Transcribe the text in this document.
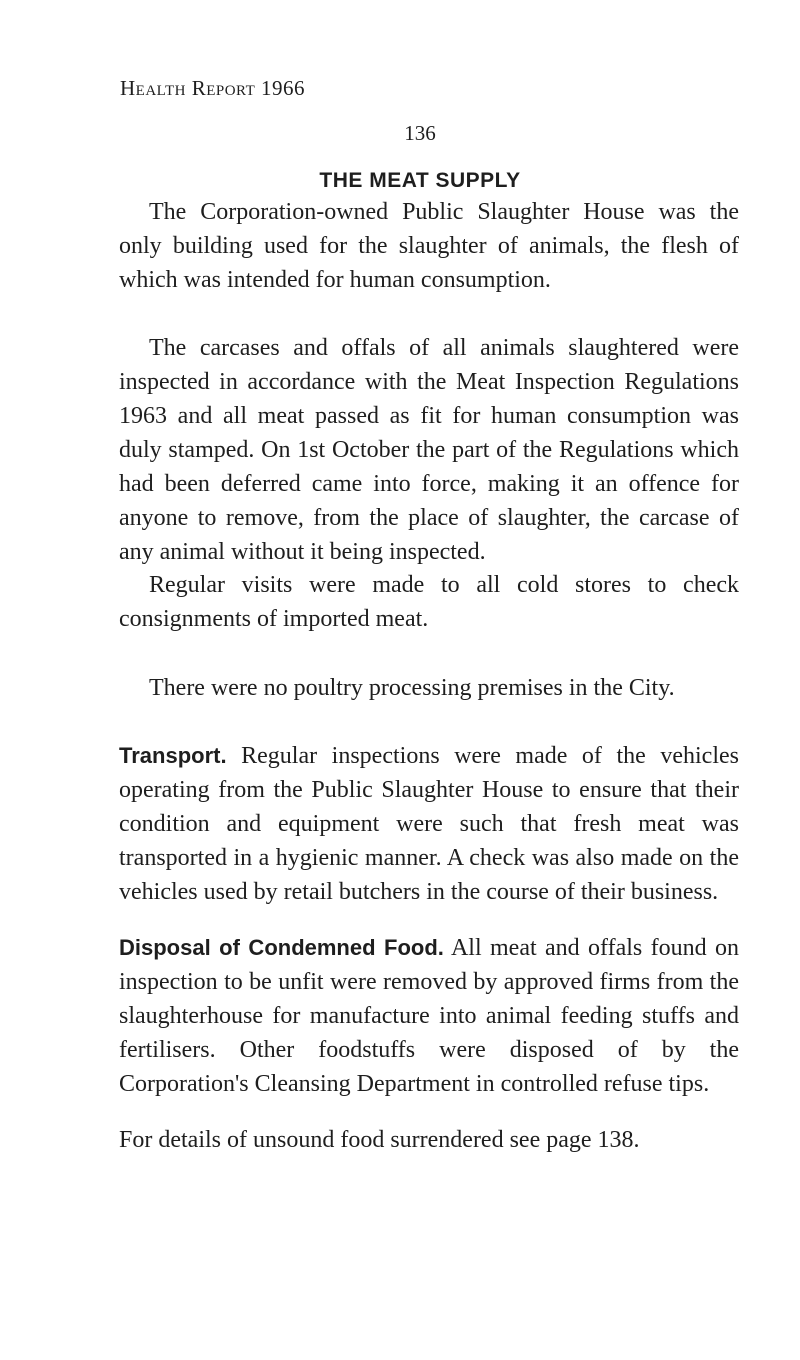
Health Report 1966
136
THE MEAT SUPPLY

The Corporation-owned Public Slaughter House was the only building used for the slaughter of animals, the flesh of which was intended for human consumption.

The carcases and offals of all animals slaughtered were inspected in accordance with the Meat Inspection Regulations 1963 and all meat passed as fit for human consumption was duly stamped. On 1st October the part of the Regulations which had been deferred came into force, making it an offence for anyone to remove, from the place of slaughter, the carcase of any animal without it being inspected.

Regular visits were made to all cold stores to check consignments of imported meat.

There were no poultry processing premises in the City.

Transport. Regular inspections were made of the vehicles operating from the Public Slaughter House to ensure that their condition and equipment were such that fresh meat was transported in a hygienic manner. A check was also made on the vehicles used by retail butchers in the course of their business.

Disposal of Condemned Food. All meat and offals found on inspection to be unfit were removed by approved firms from the slaughterhouse for manufacture into animal feeding stuffs and fertilisers. Other foodstuffs were disposed of by the Corporation's Cleansing Department in controlled refuse tips.

For details of unsound food surrendered see page 138.
